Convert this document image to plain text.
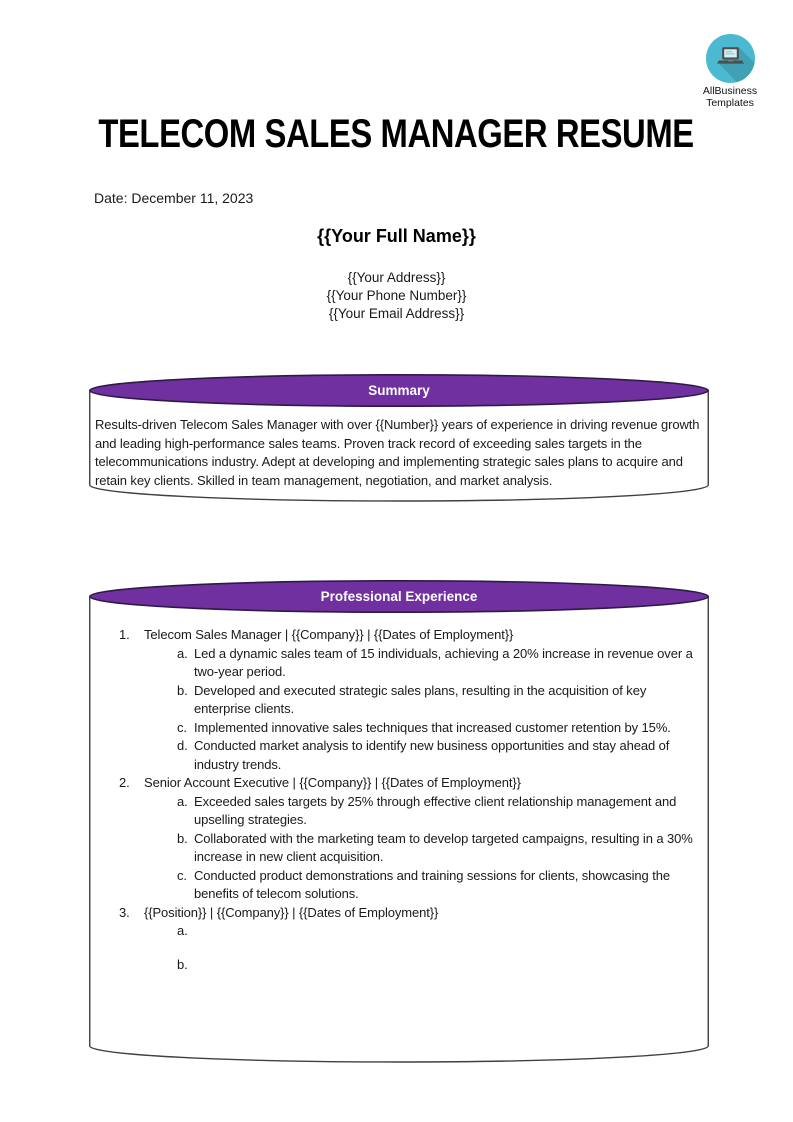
AllBusiness
Templates
TELECOM SALES MANAGER RESUME
Date: December 11, 2023
{{Your Full Name}}
{{Your Address}}
{{Your Phone Number}}
{{Your Email Address}}
Summary
Results-driven Telecom Sales Manager with over {{Number}} years of experience in driving revenue growth and leading high-performance sales teams. Proven track record of exceeding sales targets in the telecommunications industry. Adept at developing and implementing strategic sales plans to acquire and retain key clients. Skilled in team management, negotiation, and market analysis.
Professional Experience
1.	Telecom Sales Manager | {{Company}} | {{Dates of Employment}}
a. Led a dynamic sales team of 15 individuals, achieving a 20% increase in revenue over a two-year period.
b. Developed and executed strategic sales plans, resulting in the acquisition of key enterprise clients.
c. Implemented innovative sales techniques that increased customer retention by 15%.
d. Conducted market analysis to identify new business opportunities and stay ahead of industry trends.
2.	Senior Account Executive | {{Company}} | {{Dates of Employment}}
a. Exceeded sales targets by 25% through effective client relationship management and upselling strategies.
b. Collaborated with the marketing team to develop targeted campaigns, resulting in a 30% increase in new client acquisition.
c. Conducted product demonstrations and training sessions for clients, showcasing the benefits of telecom solutions.
3.	{{Position}} | {{Company}} | {{Dates of Employment}}
a.
b.
